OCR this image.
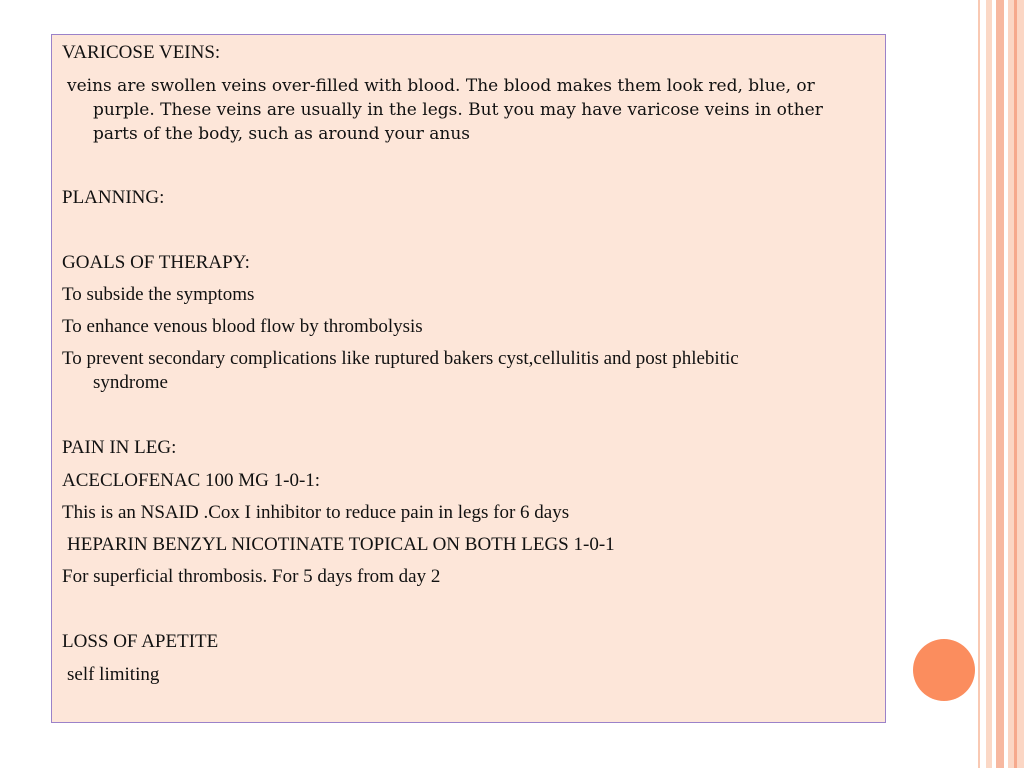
VARICOSE VEINS:
veins are swollen veins over-filled with blood. The blood makes them look red, blue, or
purple. These veins are usually in the legs. But you may have varicose veins in other
parts of the body, such as around your anus
PLANNING:
GOALS OF THERAPY:
To subside the symptoms
To enhance venous blood flow by thrombolysis
To prevent secondary complications like ruptured bakers cyst,cellulitis and post phlebitic
syndrome
PAIN IN LEG:
ACECLOFENAC 100 MG 1-0-1:
This is an NSAID .Cox I inhibitor to reduce pain in legs for 6 days
HEPARIN BENZYL NICOTINATE TOPICAL ON BOTH LEGS 1-0-1
For superficial thrombosis. For 5 days from day 2
LOSS OF APETITE
self limiting
